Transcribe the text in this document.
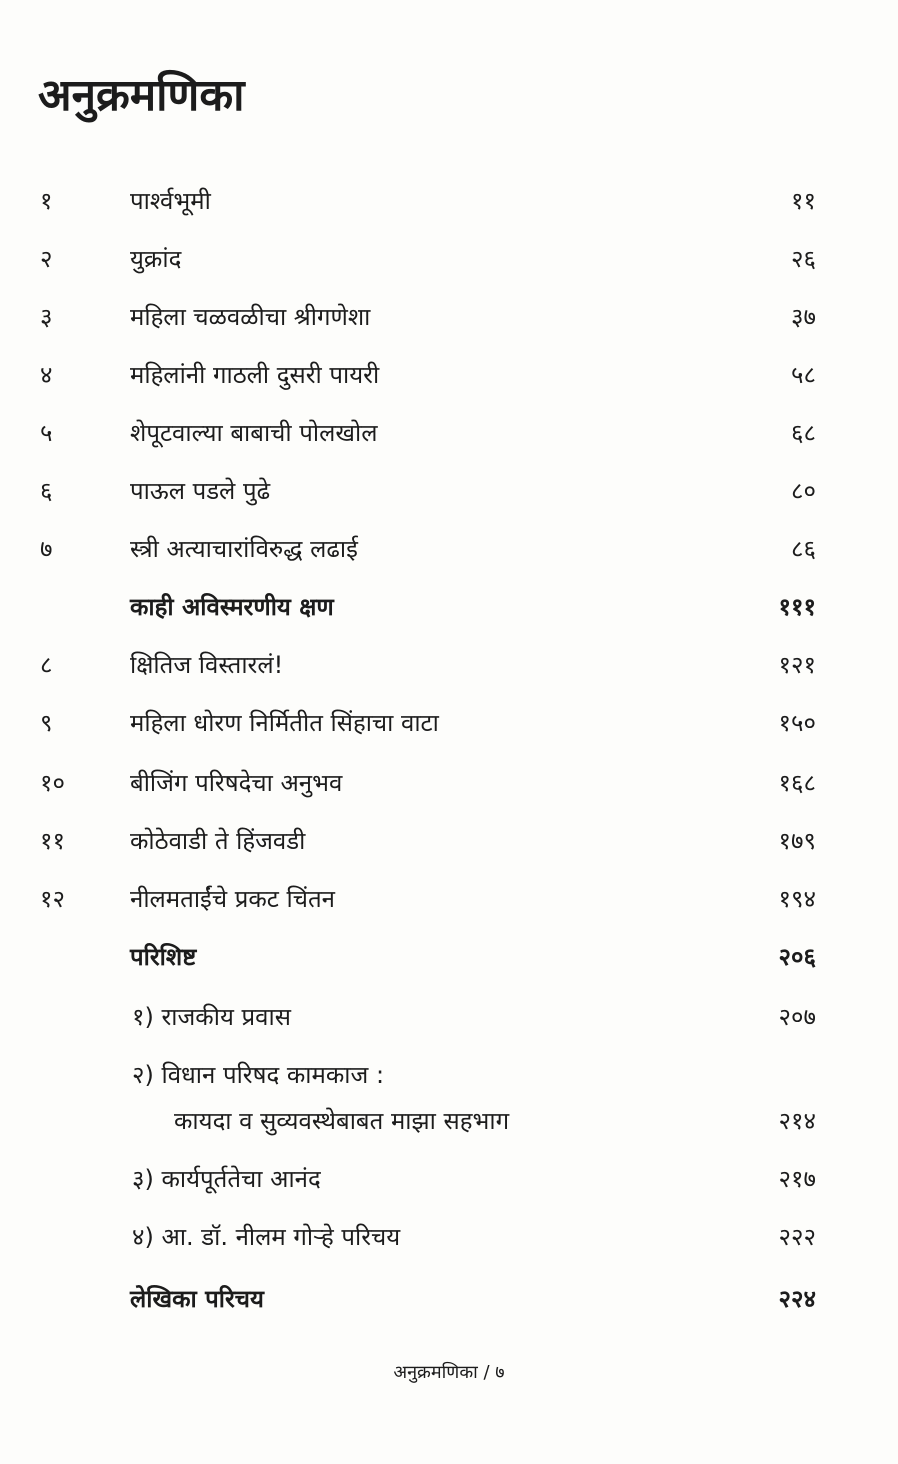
अनुक्रमणिका
१	पार्श्वभूमी	११
२	युक्रांद	२६
३	महिला चळवळीचा श्रीगणेशा	३७
४	महिलांनी गाठली दुसरी पायरी	५८
५	शेपूटवाल्या बाबाची पोलखोल	६८
६	पाऊल पडले पुढे	८०
७	स्त्री अत्याचारांविरुद्ध लढाई	८६
काही अविस्मरणीय क्षण	१११
८	क्षितिज विस्तारलं!	१२१
९	महिला धोरण निर्मितीत सिंहाचा वाटा	१५०
१०	बीजिंग परिषदेचा अनुभव	१६८
११	कोठेवाडी ते हिंजवडी	१७९
१२	नीलमताईंचे प्रकट चिंतन	१९४
परिशिष्ट	२०६
१) राजकीय प्रवास	२०७
२) विधान परिषद कामकाज :
कायदा व सुव्यवस्थेबाबत माझा सहभाग	२१४
३) कार्यपूर्ततेचा आनंद	२१७
४) आ. डॉ. नीलम गोऱ्हे परिचय	२२२
लेखिका परिचय	२२४
अनुक्रमणिका / ७
